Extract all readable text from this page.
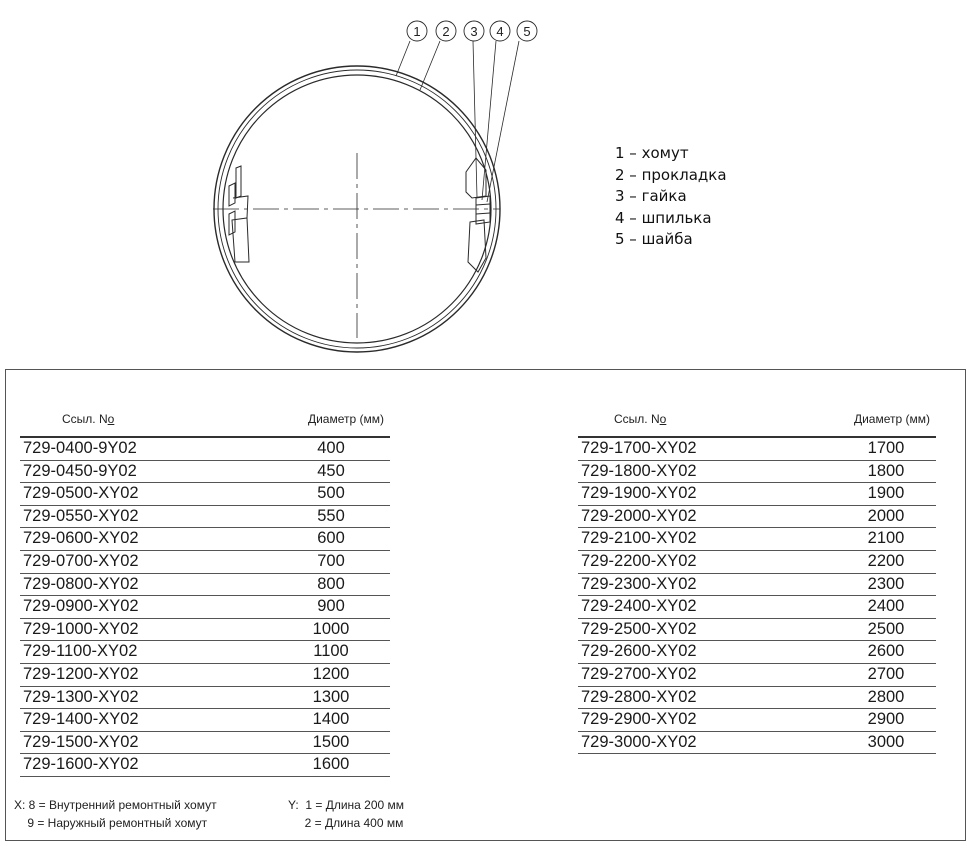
1 2 3 4 5
1 – хомут
2 – прокладка
3 – гайка
4 – шпилька
5 – шайба
Ссыл. No	Диаметр (мм)
729-0400-9Y02	400
729-0450-9Y02	450
729-0500-XY02	500
729-0550-XY02	550
729-0600-XY02	600
729-0700-XY02	700
729-0800-XY02	800
729-0900-XY02	900
729-1000-XY02	1000
729-1100-XY02	1100
729-1200-XY02	1200
729-1300-XY02	1300
729-1400-XY02	1400
729-1500-XY02	1500
729-1600-XY02	1600
Ссыл. No	Диаметр (мм)
729-1700-XY02	1700
729-1800-XY02	1800
729-1900-XY02	1900
729-2000-XY02	2000
729-2100-XY02	2100
729-2200-XY02	2200
729-2300-XY02	2300
729-2400-XY02	2400
729-2500-XY02	2500
729-2600-XY02	2600
729-2700-XY02	2700
729-2800-XY02	2800
729-2900-XY02	2900
729-3000-XY02	3000
X: 8 = Внутренний ремонтный хомут
9 = Наружный ремонтный хомут
Y:  1 = Длина 200 мм
2 = Длина 400 мм
